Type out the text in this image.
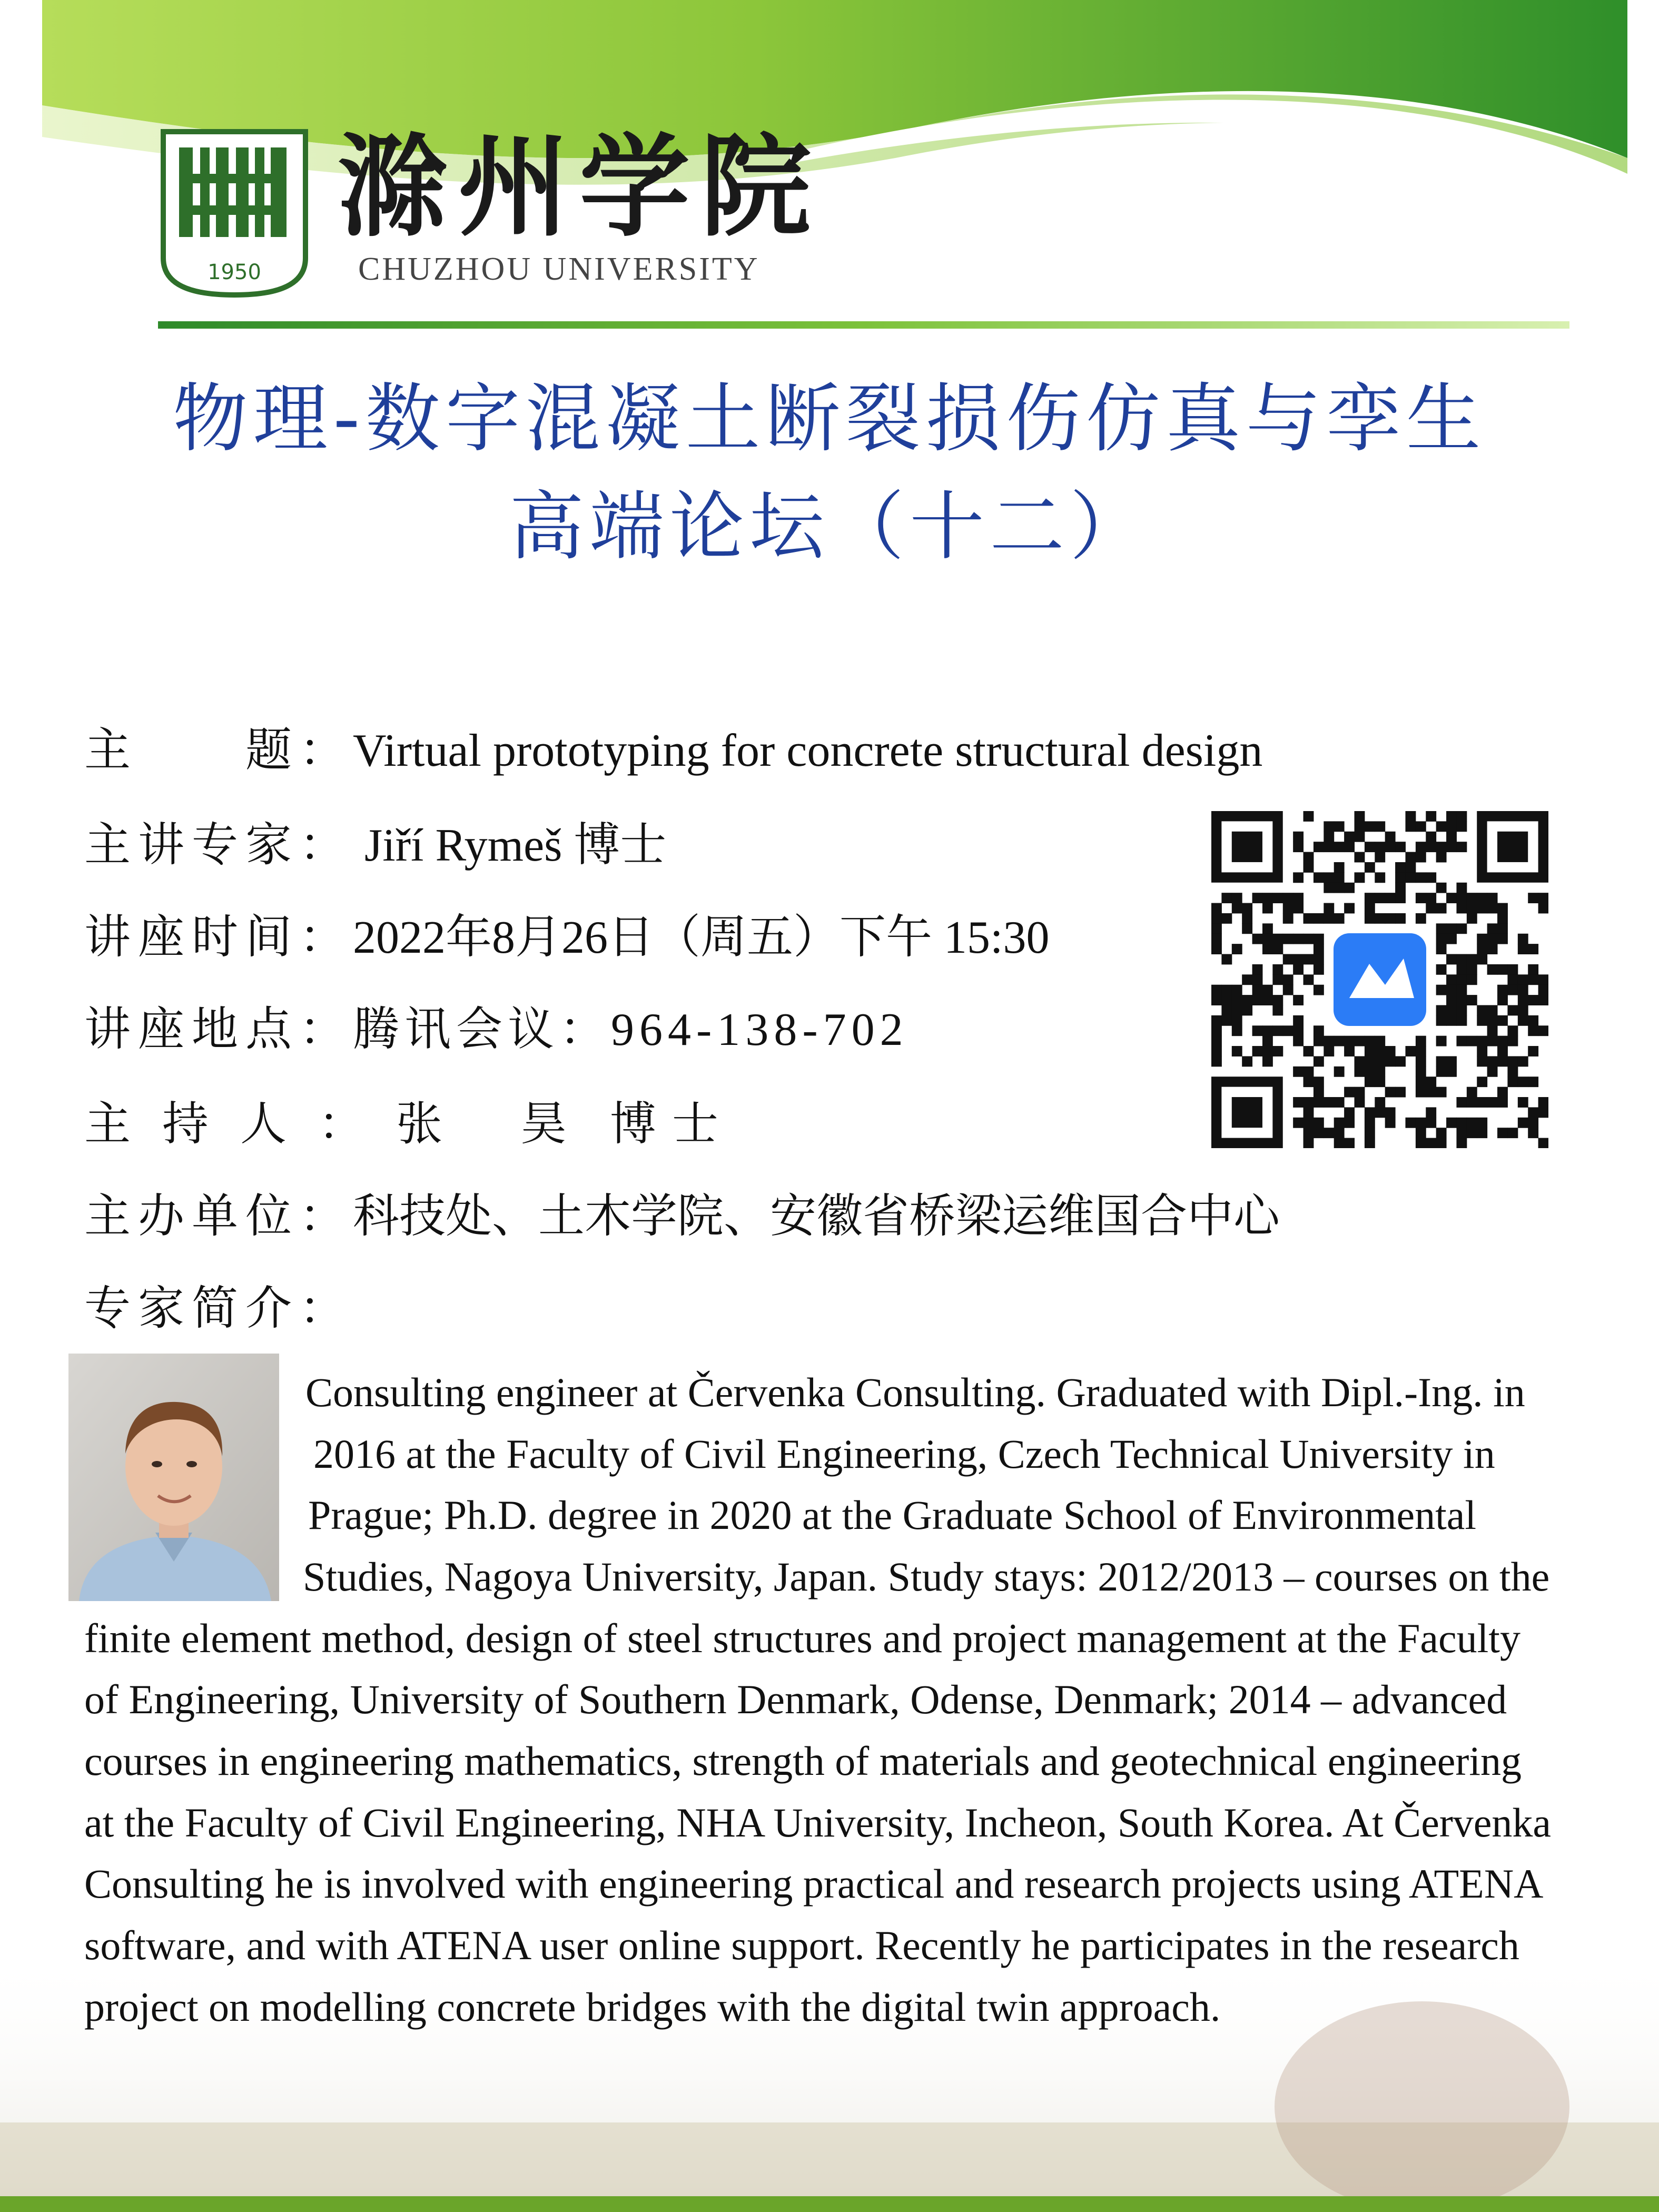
1950
滁州学院
CHUZHOU UNIVERSITY
物理-数字混凝土断裂损伤仿真与孪生
高端论坛（十二）
主　　题：Virtual prototyping for concrete structural design
主讲专家： Jiří Rymeš 博士
讲座时间：2022年8月26日（周五）下午 15:30
讲座地点：腾讯会议：964-138-702
主持人：张　昊 博士
主办单位：科技处、土木学院、安徽省桥梁运维国合中心
专家简介：
Consulting engineer at Červenka Consulting. Graduated with Dipl.-Ing. in
2016 at the Faculty of Civil Engineering, Czech Technical University in
Prague; Ph.D. degree in 2020 at the Graduate School of Environmental
Studies, Nagoya University, Japan. Study stays: 2012/2013 – courses on the
finite element method, design of steel structures and project management at the Faculty
of Engineering, University of Southern Denmark, Odense, Denmark; 2014 – advanced
courses in engineering mathematics, strength of materials and geotechnical engineering
at the Faculty of Civil Engineering, NHA University, Incheon, South Korea. At Červenka
Consulting he is involved with engineering practical and research projects using ATENA
software, and with ATENA user online support. Recently he participates in the research
project on modelling concrete bridges with the digital twin approach.
